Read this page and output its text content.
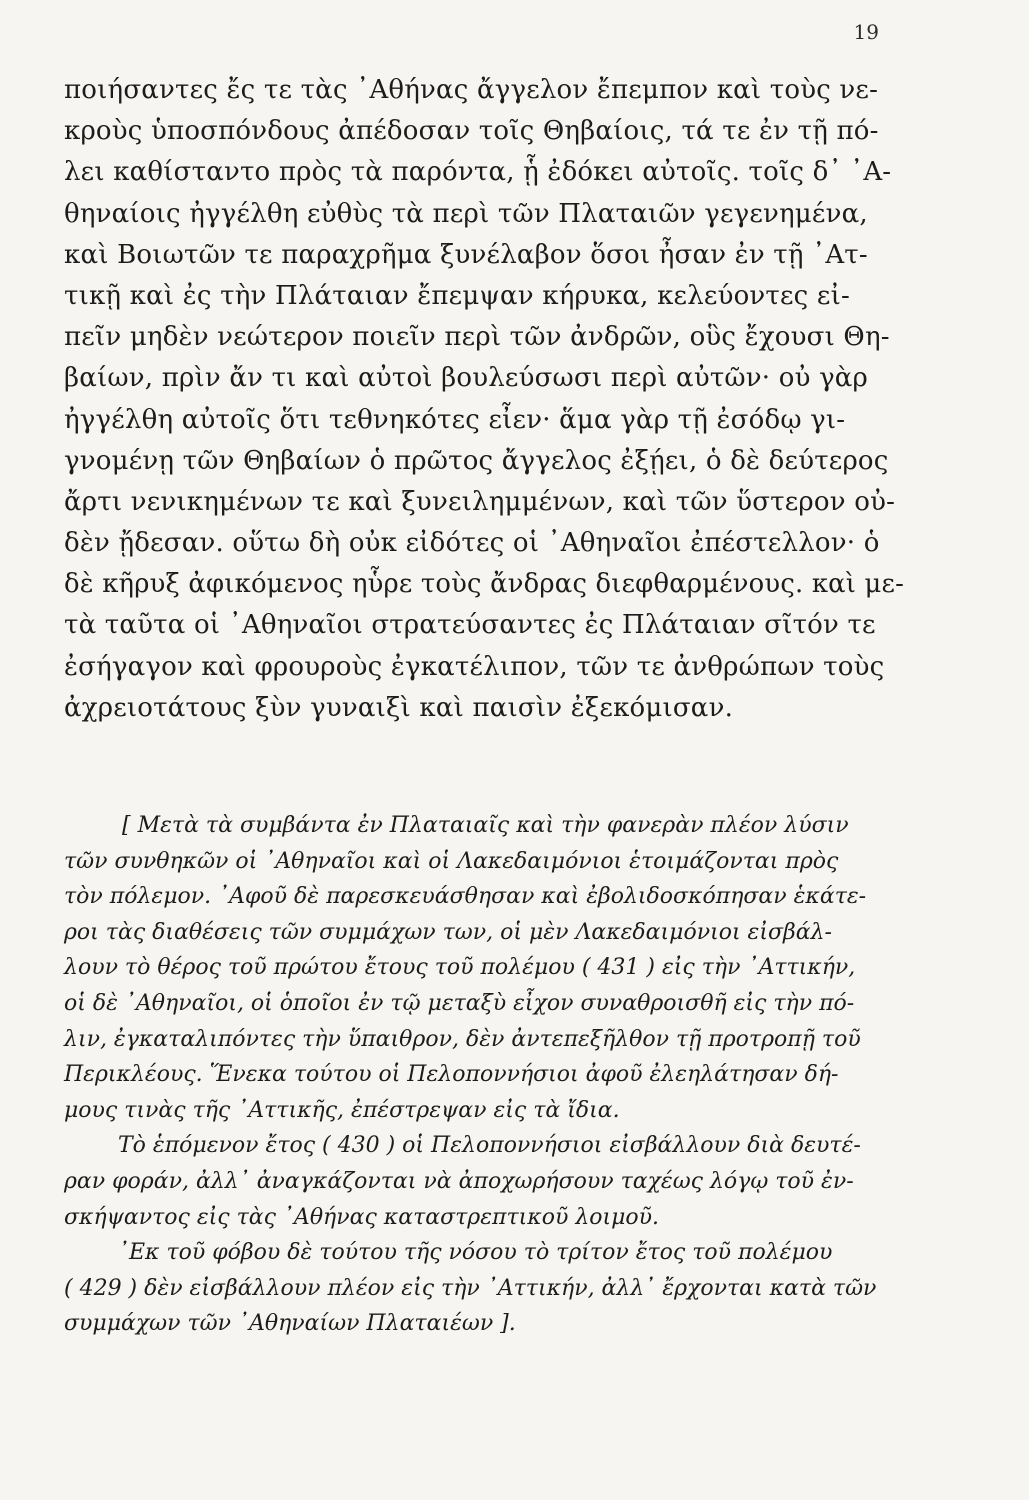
19
ποιήσαντες ἔς τε τὰς ᾽Αθήνας ἄγγελον ἔπεμπον καὶ τοὺς νε-
κροὺς ὑποσπόνδους ἀπέδοσαν τοῖς Θηβαίοις, τά τε ἐν τῇ πό-
λει καθίσταντο πρὸς τὰ παρόντα, ᾗ ἐδόκει αὐτοῖς. τοῖς δ᾽ ᾽Α-
θηναίοις ἠγγέλθη εὐθὺς τὰ περὶ τῶν Πλαταιῶν γεγενημένα,
καὶ Βοιωτῶν τε παραχρῆμα ξυνέλαβον ὅσοι ἦσαν ἐν τῇ ᾽Ατ-
τικῇ καὶ ἐς τὴν Πλάταιαν ἔπεμψαν κήρυκα, κελεύοντες εἰ-
πεῖν μηδὲν νεώτερον ποιεῖν περὶ τῶν ἀνδρῶν, οὓς ἔχουσι Θη-
βαίων, πρὶν ἄν τι καὶ αὐτοὶ βουλεύσωσι περὶ αὐτῶν· οὐ γὰρ
ἠγγέλθη αὐτοῖς ὅτι τεθνηκότες εἶεν· ἅμα γὰρ τῇ ἐσόδῳ γι-
γνομένῃ τῶν Θηβαίων ὁ πρῶτος ἄγγελος ἐξῄει, ὁ δὲ δεύτερος
ἄρτι νενικημένων τε καὶ ξυνειλημμένων, καὶ τῶν ὕστερον οὐ-
δὲν ᾔδεσαν. οὕτω δὴ οὐκ εἰδότες οἱ ᾽Αθηναῖοι ἐπέστελλον· ὁ
δὲ κῆρυξ ἀφικόμενος ηὗρε τοὺς ἄνδρας διεφθαρμένους. καὶ με-
τὰ ταῦτα οἱ ᾽Αθηναῖοι στρατεύσαντες ἐς Πλάταιαν σῖτόν τε
ἐσήγαγον καὶ φρουροὺς ἐγκατέλιπον, τῶν τε ἀνθρώπων τοὺς
ἀχρειοτάτους ξὺν γυναιξὶ καὶ παισὶν ἐξεκόμισαν.
[ Μετὰ τὰ συμβάντα ἐν Πλαταιαῖς καὶ τὴν φανερὰν πλέον λύσιν
τῶν συνθηκῶν οἱ ᾽Αθηναῖοι καὶ οἱ Λακεδαιμόνιοι ἑτοιμάζονται πρὸς
τὸν πόλεμον. ᾽Αφοῦ δὲ παρεσκευάσθησαν καὶ ἐβολιδοσκόπησαν ἑκάτε-
ροι τὰς διαθέσεις τῶν συμμάχων των, οἱ μὲν Λακεδαιμόνιοι εἰσβάλ-
λουν τὸ θέρος τοῦ πρώτου ἔτους τοῦ πολέμου ( 431 ) εἰς τὴν ᾽Αττικήν,
οἱ δὲ ᾽Αθηναῖοι, οἱ ὁποῖοι ἐν τῷ μεταξὺ εἶχον συναθροισθῆ εἰς τὴν πό-
λιν, ἐγκαταλιπόντες τὴν ὕπαιθρον, δὲν ἀντεπεξῆλθον τῇ προτροπῇ τοῦ
Περικλέους. Ἕνεκα τούτου οἱ Πελοποννήσιοι ἀφοῦ ἐλεηλάτησαν δή-
μους τινὰς τῆς ᾽Αττικῆς, ἐπέστρεψαν εἰς τὰ ἴδια.
Τὸ ἑπόμενον ἔτος ( 430 ) οἱ Πελοποννήσιοι εἰσβάλλουν διὰ δευτέ-
ραν φοράν, ἀλλ᾽ ἀναγκάζονται νὰ ἀποχωρήσουν ταχέως λόγῳ τοῦ ἐν-
σκήψαντος εἰς τὰς ᾽Αθήνας καταστρεπτικοῦ λοιμοῦ.
᾽Εκ τοῦ φόβου δὲ τούτου τῆς νόσου τὸ τρίτον ἔτος τοῦ πολέμου
( 429 ) δὲν εἰσβάλλουν πλέον εἰς τὴν ᾽Αττικήν, ἀλλ᾽ ἔρχονται κατὰ τῶν
συμμάχων τῶν ᾽Αθηναίων Πλαταιέων ].
